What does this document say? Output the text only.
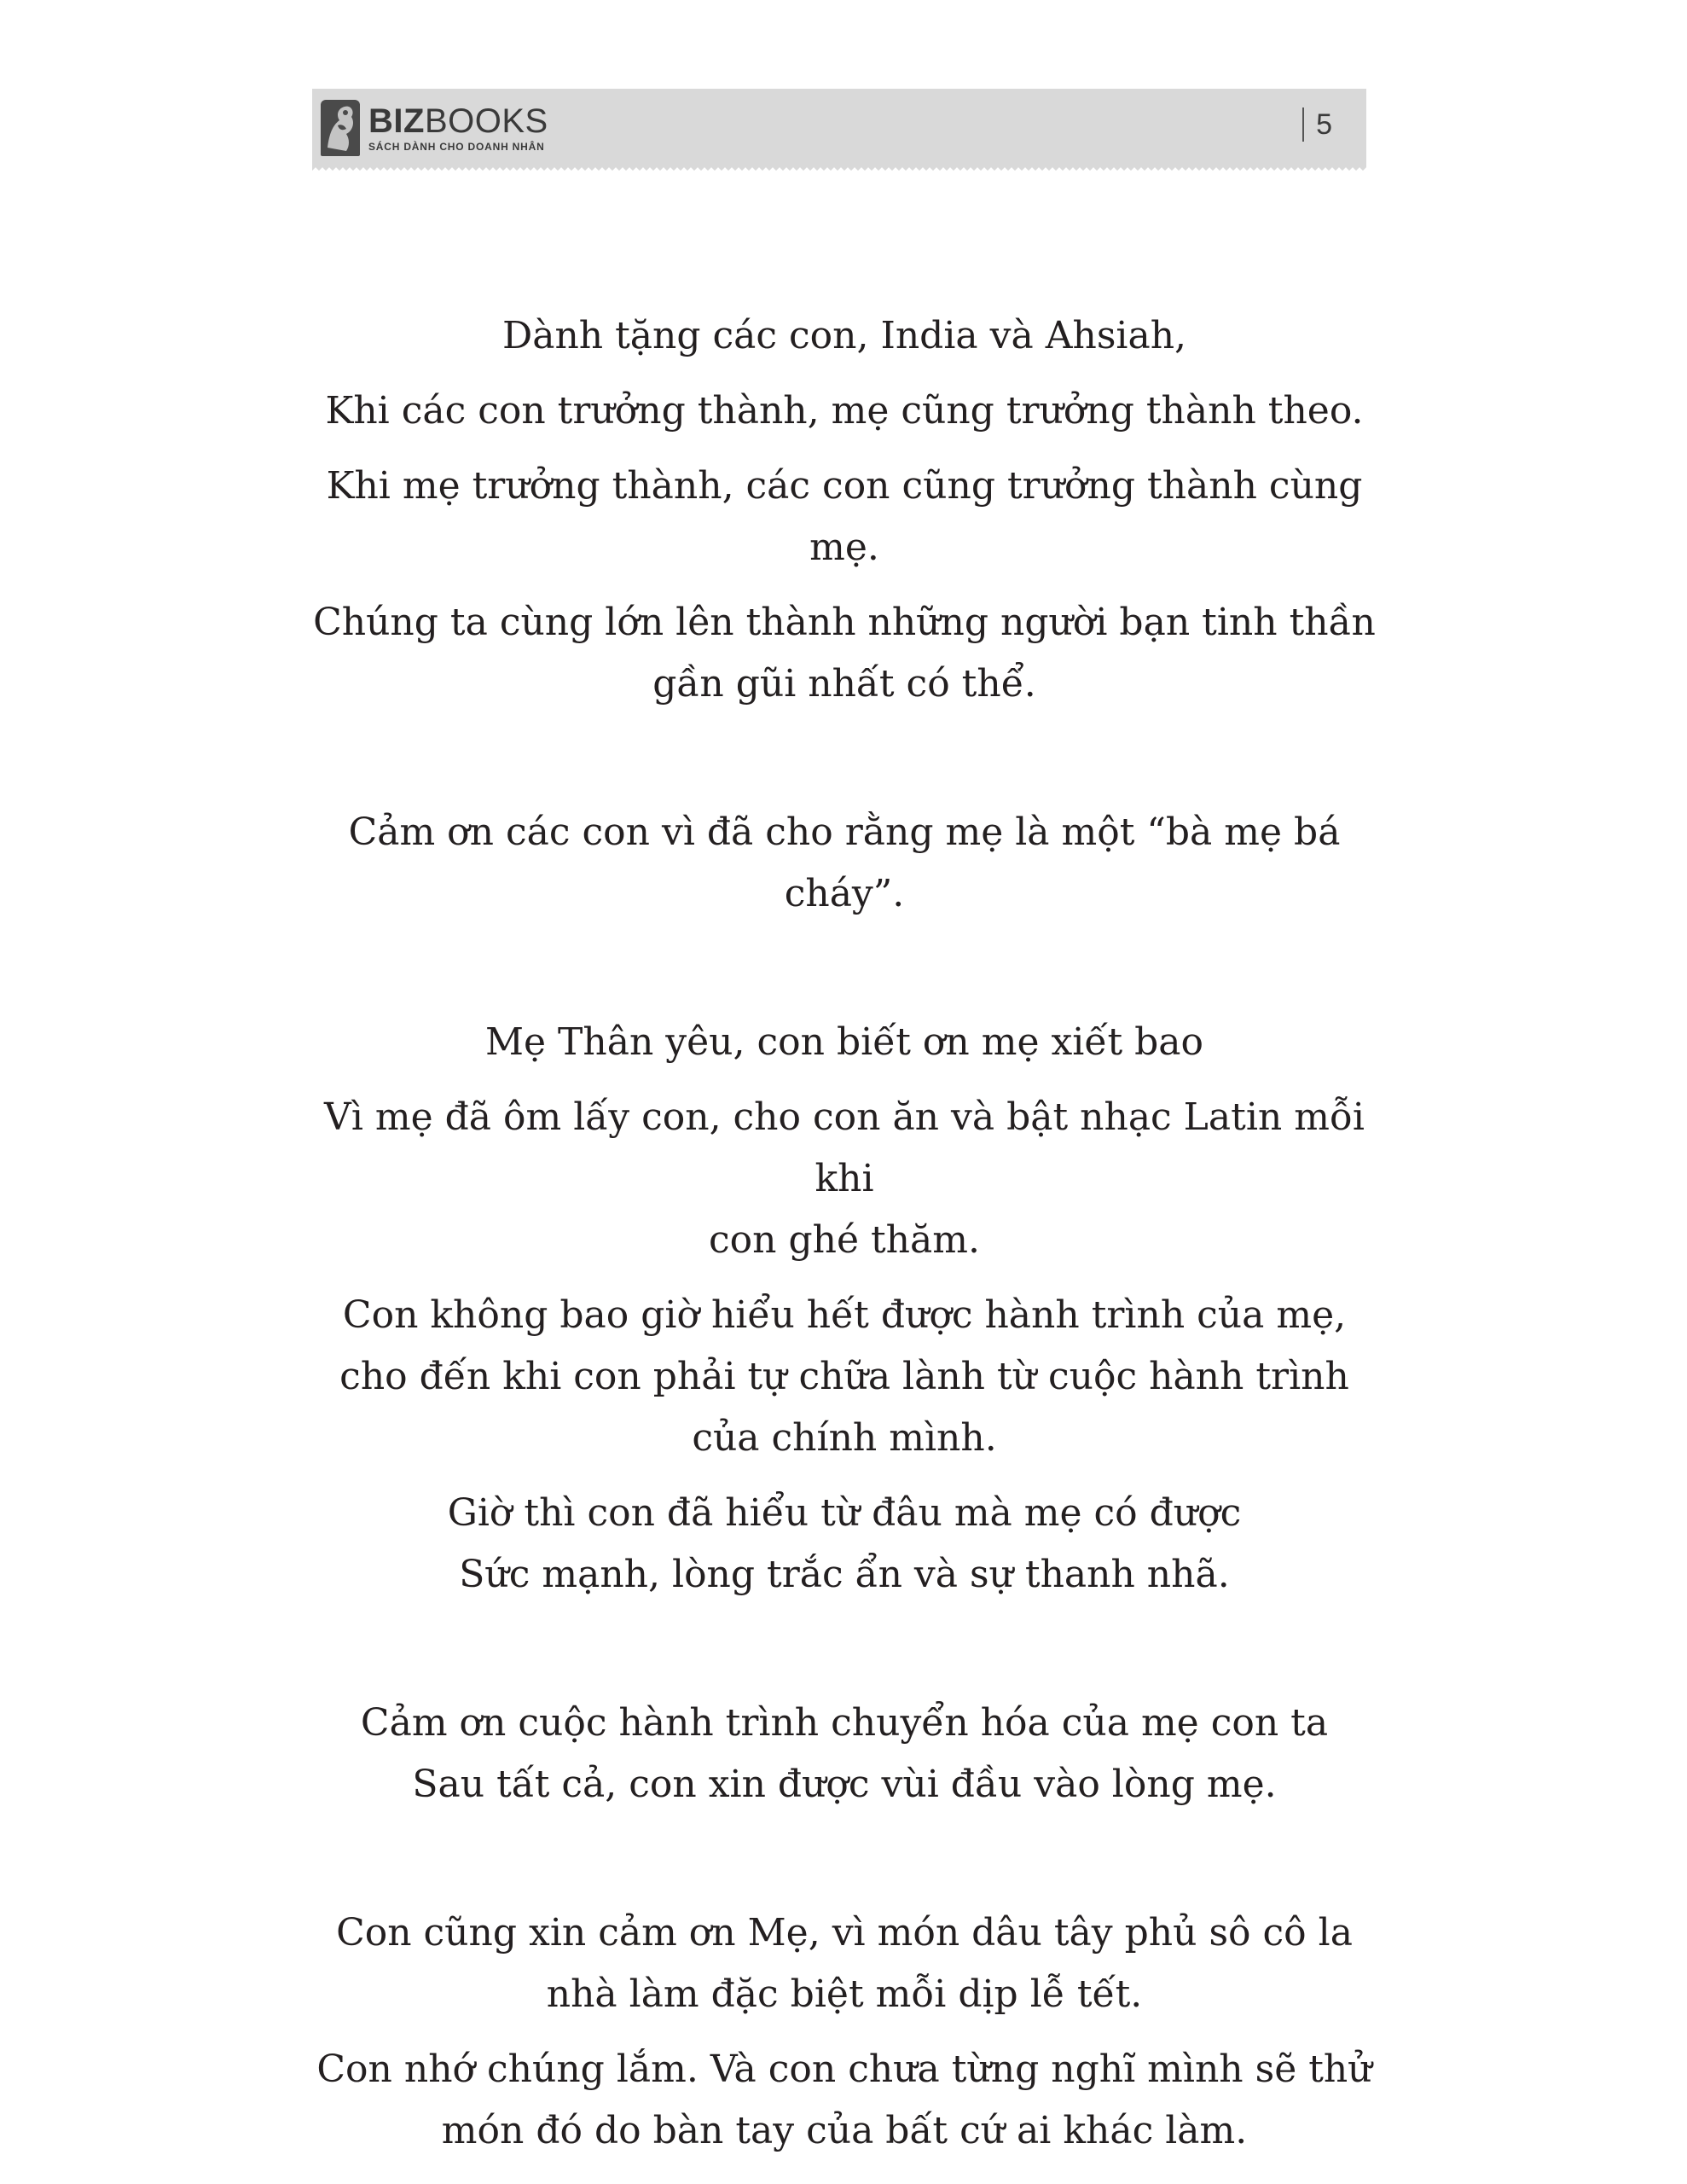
BIZBOOKS
SÁCH DÀNH CHO DOANH NHÂN
5

Dành tặng các con, India và Ahsiah,

Khi các con trưởng thành, mẹ cũng trưởng thành theo.

Khi mẹ trưởng thành, các con cũng trưởng thành cùng mẹ.

Chúng ta cùng lớn lên thành những người bạn tinh thần
gần gũi nhất có thể.

Cảm ơn các con vì đã cho rằng mẹ là một “bà mẹ bá cháy”.

Mẹ Thân yêu, con biết ơn mẹ xiết bao

Vì mẹ đã ôm lấy con, cho con ăn và bật nhạc Latin mỗi khi
con ghé thăm.

Con không bao giờ hiểu hết được hành trình của mẹ,
cho đến khi con phải tự chữa lành từ cuộc hành trình
của chính mình.

Giờ thì con đã hiểu từ đâu mà mẹ có được
Sức mạnh, lòng trắc ẩn và sự thanh nhã.

Cảm ơn cuộc hành trình chuyển hóa của mẹ con ta
Sau tất cả, con xin được vùi đầu vào lòng mẹ.

Con cũng xin cảm ơn Mẹ, vì món dâu tây phủ sô cô la
nhà làm đặc biệt mỗi dịp lễ tết.

Con nhớ chúng lắm. Và con chưa từng nghĩ mình sẽ thử
món đó do bàn tay của bất cứ ai khác làm.
